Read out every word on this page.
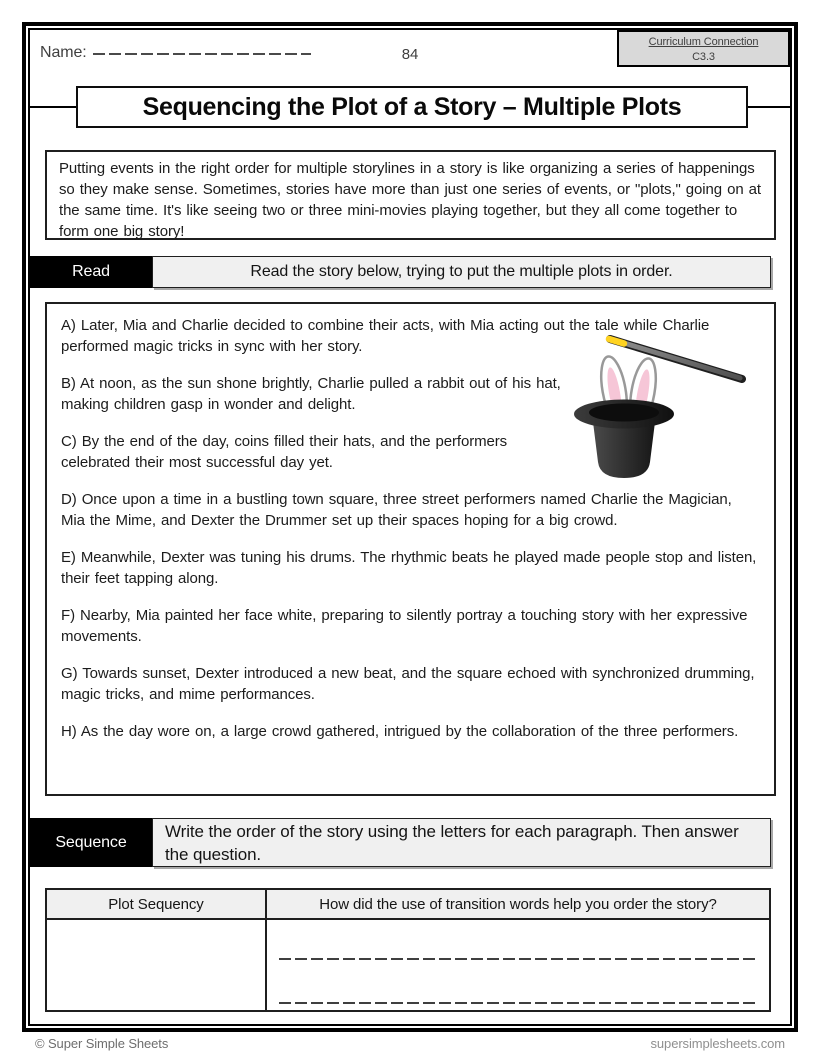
Name:	84
Curriculum Connection
C3.3
Sequencing the Plot of a Story – Multiple Plots
Putting events in the right order for multiple storylines in a story is like organizing a series of happenings so they make sense. Sometimes, stories have more than just one series of events, or "plots," going on at the same time. It's like seeing two or three mini-movies playing together, but they all come together to form one big story!
Read	Read the story below, trying to put the multiple plots in order.

A) Later, Mia and Charlie decided to combine their acts, with Mia acting out the tale while Charlie performed magic tricks in sync with her story.

B) At noon, as the sun shone brightly, Charlie pulled a rabbit out of his hat, making children gasp in wonder and delight.

C) By the end of the day, coins filled their hats, and the performers celebrated their most successful day yet.

D) Once upon a time in a bustling town square, three street performers named Charlie the Magician, Mia the Mime, and Dexter the Drummer set up their spaces hoping for a big crowd.

E) Meanwhile, Dexter was tuning his drums. The rhythmic beats he played made people stop and listen, their feet tapping along.

F) Nearby, Mia painted her face white, preparing to silently portray a touching story with her expressive movements.

G) Towards sunset, Dexter introduced a new beat, and the square echoed with synchronized drumming, magic tricks, and mime performances.

H) As the day wore on, a large crowd gathered, intrigued by the collaboration of the three performers.

Sequence
Write the order of the story using the letters for each paragraph. Then answer the question.
Plot Sequency	How did the use of transition words help you order the story?
© Super Simple Sheets	supersimplesheets.com
